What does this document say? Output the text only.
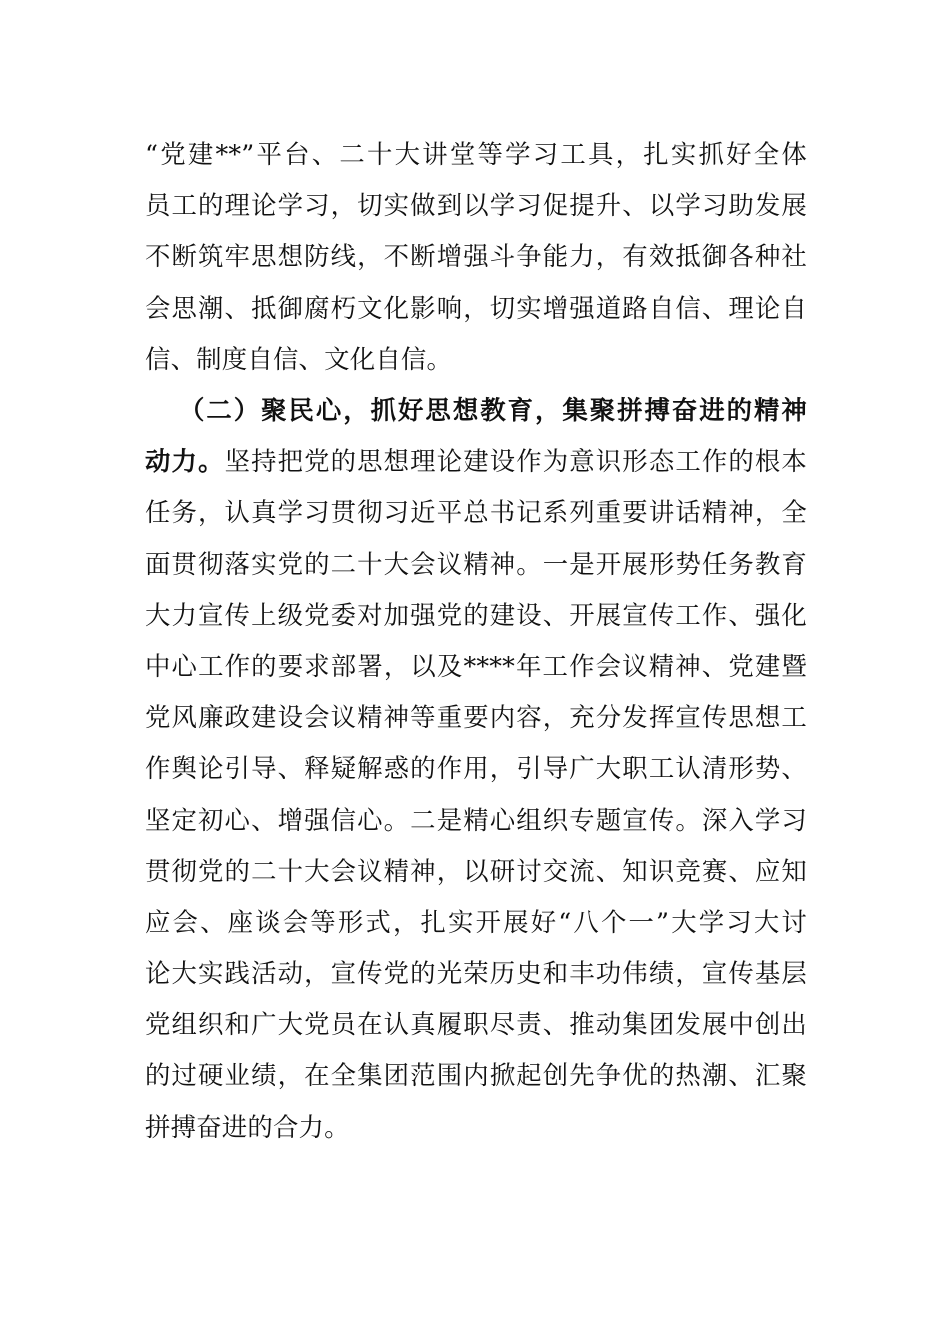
“党建**”平台、二十大讲堂等学习工具，扎实抓好全体
员工的理论学习，切实做到以学习促提升、以学习助发展
不断筑牢思想防线，不断增强斗争能力，有效抵御各种社
会思潮、抵御腐朽文化影响，切实增强道路自信、理论自
信、制度自信、文化自信。
（二）聚民心，抓好思想教育，集聚拼搏奋进的精神
动力。坚持把党的思想理论建设作为意识形态工作的根本
任务，认真学习贯彻习近平总书记系列重要讲话精神，全
面贯彻落实党的二十大会议精神。一是开展形势任务教育
大力宣传上级党委对加强党的建设、开展宣传工作、强化
中心工作的要求部署，以及****年工作会议精神、党建暨
党风廉政建设会议精神等重要内容，充分发挥宣传思想工
作舆论引导、释疑解惑的作用，引导广大职工认清形势、
坚定初心、增强信心。二是精心组织专题宣传。深入学习
贯彻党的二十大会议精神，以研讨交流、知识竞赛、应知
应会、座谈会等形式，扎实开展好“八个一”大学习大讨
论大实践活动，宣传党的光荣历史和丰功伟绩，宣传基层
党组织和广大党员在认真履职尽责、推动集团发展中创出
的过硬业绩，在全集团范围内掀起创先争优的热潮、汇聚
拼搏奋进的合力。
